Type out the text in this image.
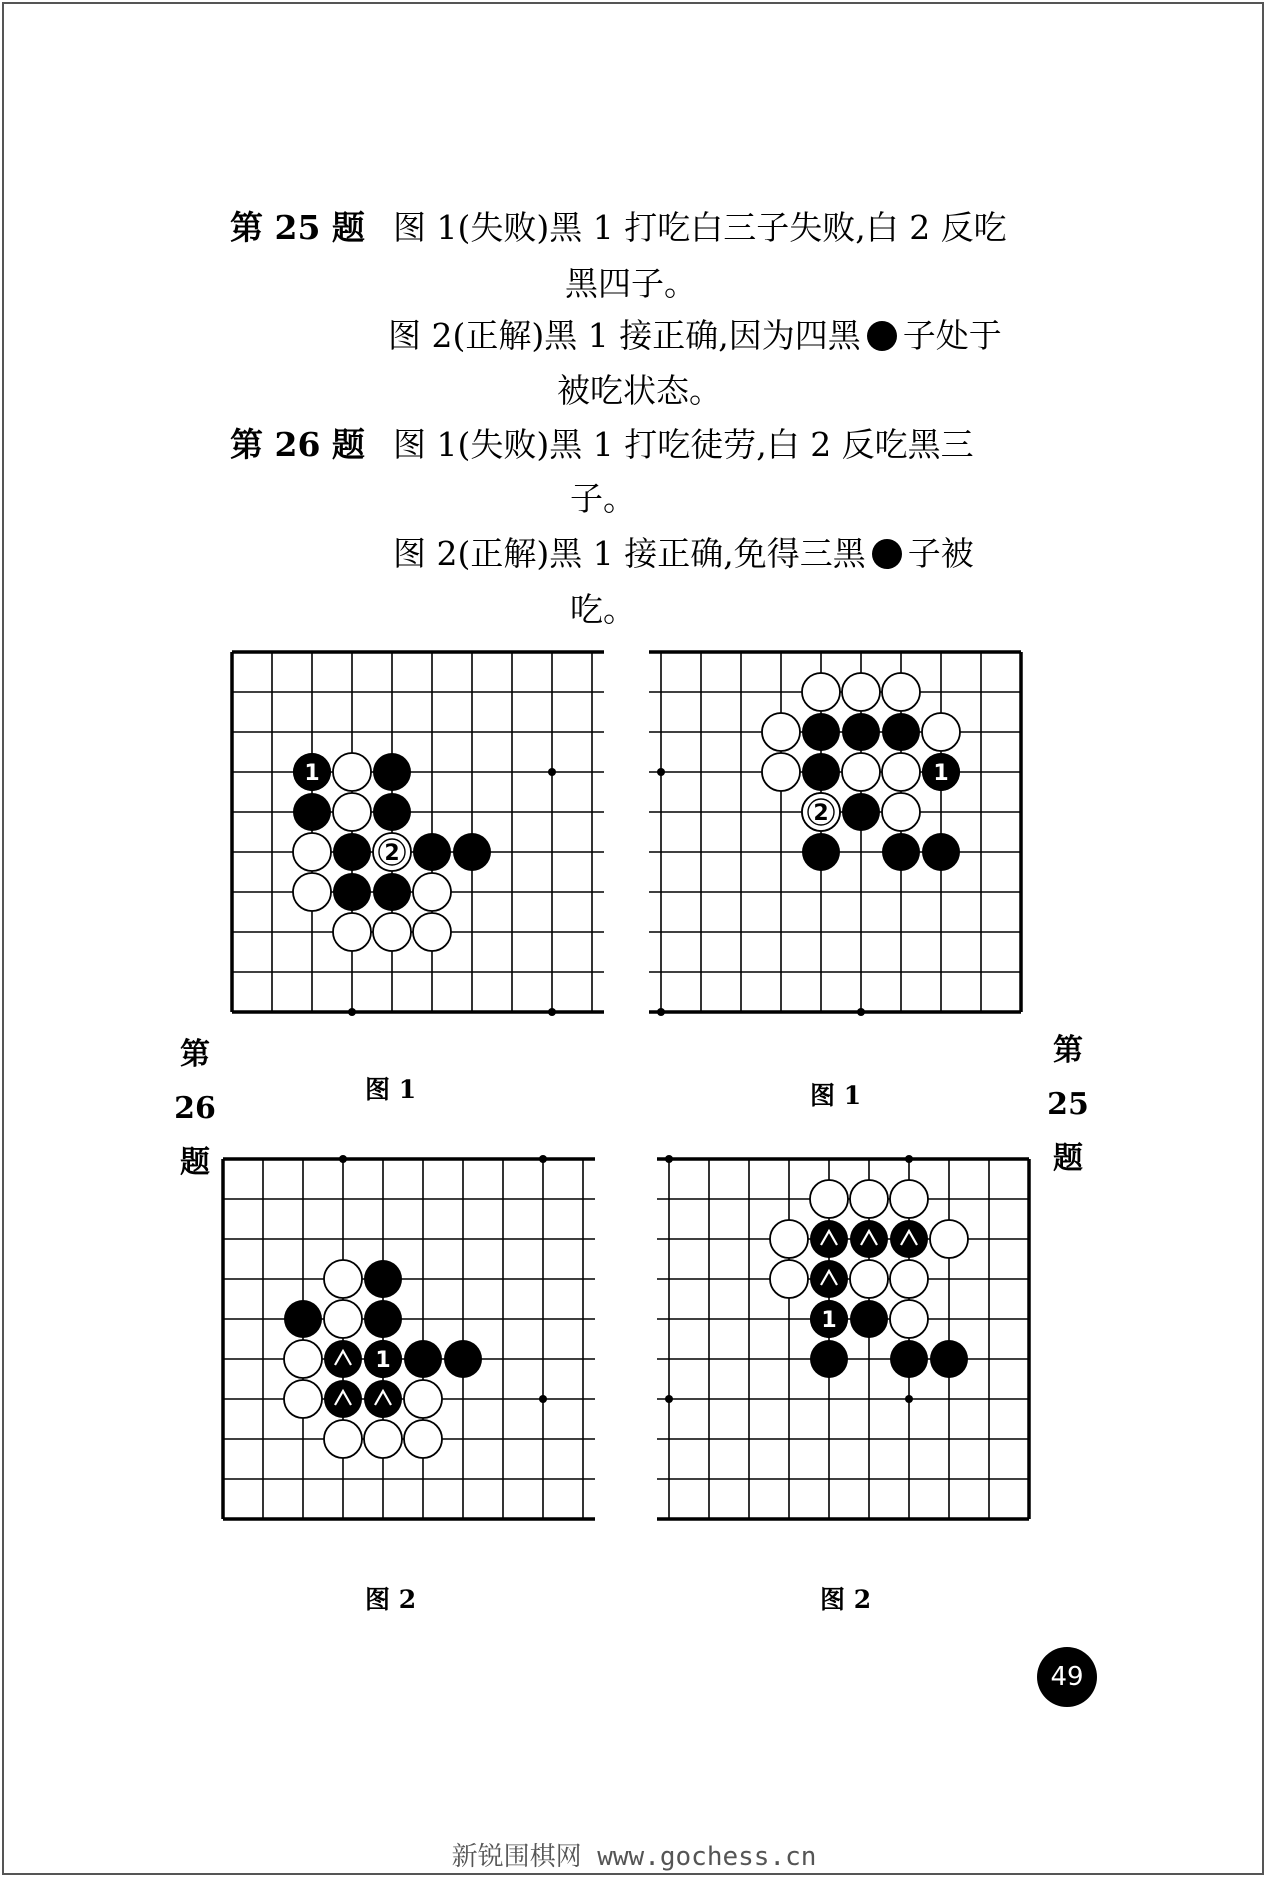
第 25 题 图 1(失败)黑 1 打吃白三子失败,白 2 反吃
黑四子。
图 2(正解)黑 1 接正确,因为四黑 子处于
被吃状态。
第 26 题 图 1(失败)黑 1 打吃徒劳,白 2 反吃黑三
子。
图 2(正解)黑 1 接正确,免得三黑 子被
吃。
1
2
1
2
1
1
图 1	图 1
图 2	图 2
第
26
题
第
25
题
49
新锐围棋网 www.gochess.cn
